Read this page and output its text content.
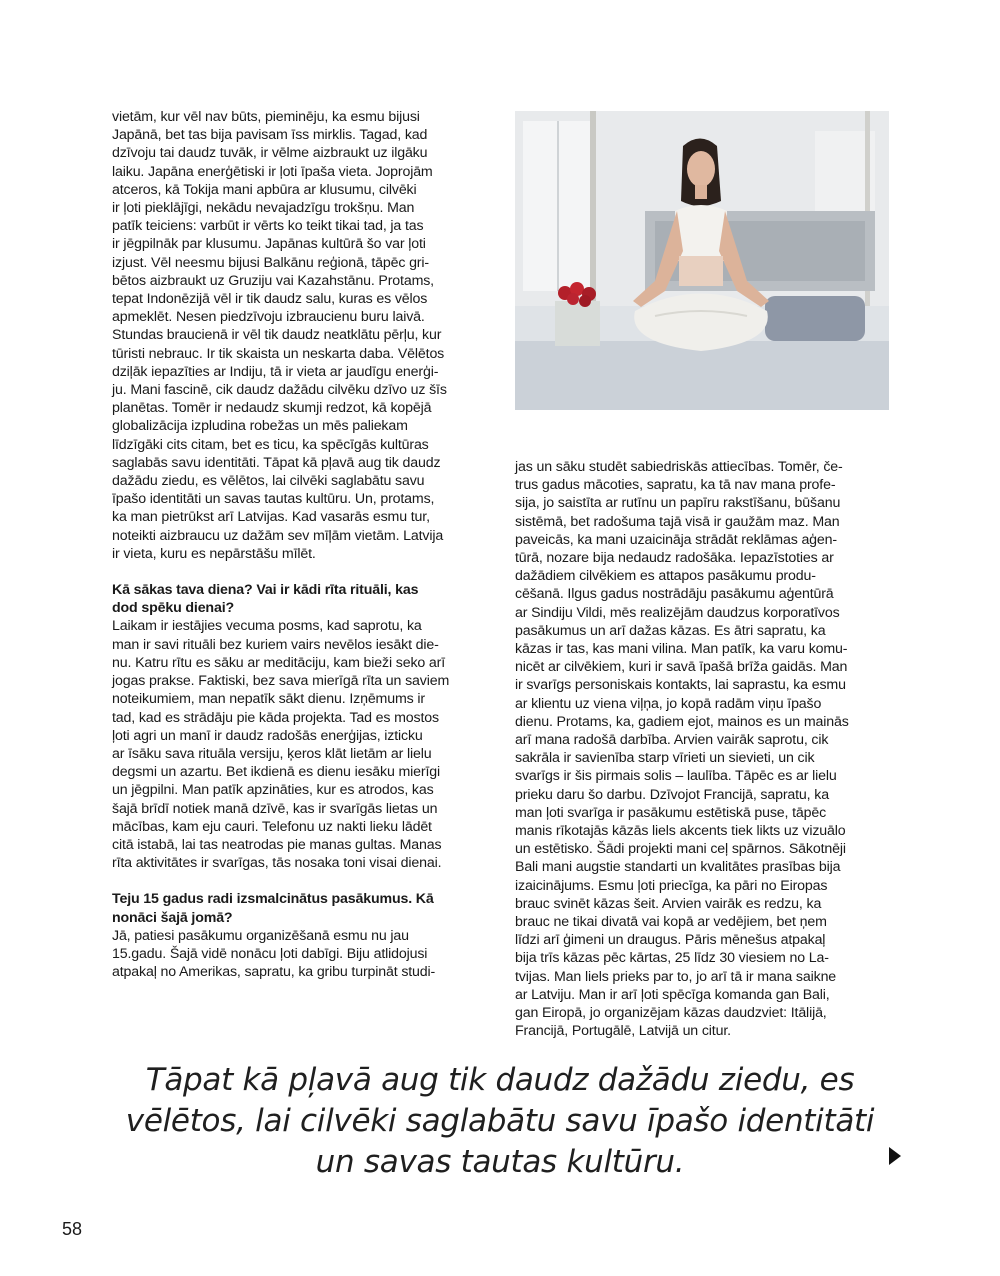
vietām, kur vēl nav būts, pieminēju, ka esmu bijusi
Japānā, bet tas bija pavisam īss mirklis. Tagad, kad
dzīvoju tai daudz tuvāk, ir vēlme aizbraukt uz ilgāku
laiku. Japāna enerģētiski ir ļoti īpaša vieta. Joprojām
atceros, kā Tokija mani apbūra ar klusumu, cilvēki
ir ļoti pieklājīgi, nekādu nevajadzīgu trokšņu. Man
patīk teiciens: varbūt ir vērts ko teikt tikai tad, ja tas
ir jēgpilnāk par klusumu. Japānas kultūrā šo var ļoti
izjust. Vēl neesmu bijusi Balkānu reģionā, tāpēc gri-
bētos aizbraukt uz Gruziju vai Kazahstānu. Protams,
tepat Indonēzijā vēl ir tik daudz salu, kuras es vēlos
apmeklēt. Nesen piedzīvoju izbraucienu buru laivā.
Stundas braucienā ir vēl tik daudz neatklātu pērļu, kur
tūristi nebrauc. Ir tik skaista un neskarta daba. Vēlētos
dziļāk iepazīties ar Indiju, tā ir vieta ar jaudīgu enerģi-
ju. Mani fascinē, cik daudz dažādu cilvēku dzīvo uz šīs
planētas. Tomēr ir nedaudz skumji redzot, kā kopējā
globalizācija izpludina robežas un mēs paliekam
līdzīgāki cits citam, bet es ticu, ka spēcīgās kultūras
saglabās savu identitāti. Tāpat kā pļavā aug tik daudz
dažādu ziedu, es vēlētos, lai cilvēki saglabātu savu
īpašo identitāti un savas tautas kultūru. Un, protams,
ka man pietrūkst arī Latvijas. Kad vasarās esmu tur,
noteikti aizbraucu uz dažām sev mīļām vietām. Latvija
ir vieta, kuru es nepārstāšu mīlēt.

Kā sākas tava diena? Vai ir kādi rīta rituāli, kas
dod spēku dienai?

Laikam ir iestājies vecuma posms, kad saprotu, ka
man ir savi rituāli bez kuriem vairs nevēlos iesākt die-
nu. Katru rītu es sāku ar meditāciju, kam bieži seko arī
jogas prakse. Faktiski, bez sava mierīgā rīta un saviem
noteikumiem, man nepatīk sākt dienu. Izņēmums ir
tad, kad es strādāju pie kāda projekta. Tad es mostos
ļoti agri un manī ir daudz radošās enerģijas, izticku
ar īsāku sava rituāla versiju, ķeros klāt lietām ar lielu
degsmi un azartu. Bet ikdienā es dienu iesāku mierīgi
un jēgpilni. Man patīk apzināties, kur es atrodos, kas
šajā brīdī notiek manā dzīvē, kas ir svarīgās lietas un
mācības, kam eju cauri. Telefonu uz nakti lieku lādēt
citā istabā, lai tas neatrodas pie manas gultas. Manas
rīta aktivitātes ir svarīgas, tās nosaka toni visai dienai.

Teju 15 gadus radi izsmalcinātus pasākumus. Kā
nonāci šajā jomā?

Jā, patiesi pasākumu organizēšanā esmu nu jau
15.gadu. Šajā vidē nonācu ļoti dabīgi. Biju atlidojusi
atpakaļ no Amerikas, sapratu, ka gribu turpināt studi-

jas un sāku studēt sabiedriskās attiecības. Tomēr, če-
trus gadus mācoties, sapratu, ka tā nav mana profe-
sija, jo saistīta ar rutīnu un papīru rakstīšanu, būšanu
sistēmā, bet radošuma tajā visā ir gaužām maz. Man
paveicās, ka mani uzaicināja strādāt reklāmas aģen-
tūrā, nozare bija nedaudz radošāka. Iepazīstoties ar
dažādiem cilvēkiem es attapos pasākumu produ-
cēšanā. Ilgus gadus nostrādāju pasākumu aģentūrā
ar Sindiju Vildi, mēs realizējām daudzus korporatīvos
pasākumus un arī dažas kāzas. Es ātri sapratu, ka
kāzas ir tas, kas mani vilina. Man patīk, ka varu komu-
nicēt ar cilvēkiem, kuri ir savā īpašā brīža gaidās. Man
ir svarīgs personiskais kontakts, lai saprastu, ka esmu
ar klientu uz viena viļņa, jo kopā radām viņu īpašo
dienu. Protams, ka, gadiem ejot, mainos es un mainās
arī mana radošā darbība. Arvien vairāk saprotu, cik
sakrāla ir savienība starp vīrieti un sievieti, un cik
svarīgs ir šis pirmais solis – laulība. Tāpēc es ar lielu
prieku daru šo darbu. Dzīvojot Francijā, sapratu, ka
man ļoti svarīga ir pasākumu estētiskā puse, tāpēc
manis rīkotajās kāzās liels akcents tiek likts uz vizuālo
un estētisko. Šādi projekti mani ceļ spārnos. Sākotnēji
Bali mani augstie standarti un kvalitātes prasības bija
izaicinājums. Esmu ļoti priecīga, ka pāri no Eiropas
brauc svinēt kāzas šeit. Arvien vairāk es redzu, ka
brauc ne tikai divatā vai kopā ar vedējiem, bet ņem
līdzi arī ģimeni un draugus. Pāris mēnešus atpakaļ
bija trīs kāzas pēc kārtas, 25 līdz 30 viesiem no La-
tvijas. Man liels prieks par to, jo arī tā ir mana saikne
ar Latviju. Man ir arī ļoti spēcīga komanda gan Bali,
gan Eiropā, jo organizējam kāzas daudzviet: Itālijā,
Francijā, Portugālē, Latvijā un citur.

Tāpat kā pļavā aug tik daudz dažādu ziedu, es
vēlētos, lai cilvēki saglabātu savu īpašo identitāti
un savas tautas kultūru.

58
